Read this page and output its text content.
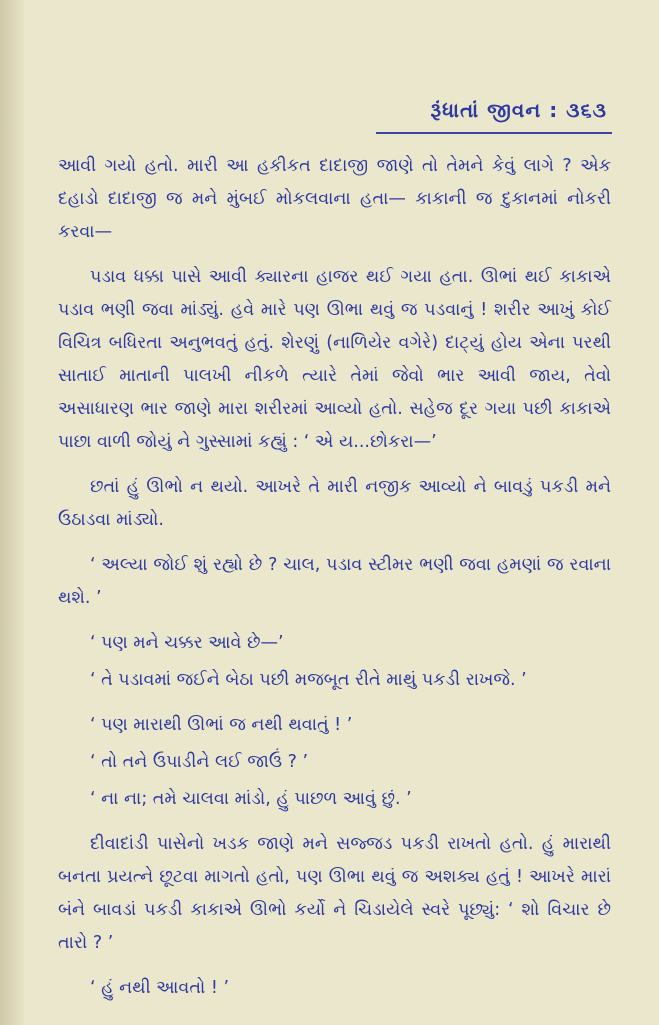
રૂંધાતાં જીવન : ૩૬૩

આવી ગયો હતો. મારી આ હકીકત દાદાજી જાણે તો તેમને કેવું લાગે ? એક દહાડો દાદાજી જ મને મુંબઈ મોકલવાના હતા— કાકાની જ દુકાનમાં નોકરી કરવા—

પડાવ ધક્કા પાસે આવી ક્યારના હાજર થઈ ગયા હતા. ઊભાં થઈ કાકાએ પડાવ ભણી જવા માંડ્યું. હવે મારે પણ ઊભા થવું જ પડવાનું ! શરીર આખું કોઈ વિચિત્ર બધિરતા અનુભવતું હતું. શેરણું (નાળિયેર વગેરે) દાટ્યું હોય એના પરથી સાતાઈ માતાની પાલખી નીકળે ત્યારે તેમાં જેવો ભાર આવી જાય, તેવો અસાધારણ ભાર જાણે મારા શરીરમાં આવ્યો હતો. સહેજ દૂર ગયા પછી કાકાએ પાછા વાળી જોયું ને ગુસ્સામાં કહ્યું : ‘ એ ય...છોકરા—’

છતાં હું ઊભો ન થયો. આખરે તે મારી નજીક આવ્યો ને બાવડું પકડી મને ઉઠાડવા માંડ્યો.

‘ અલ્યા જોઈ શું રહ્યો છે ? ચાલ, પડાવ સ્ટીમર ભણી જવા હમણાં જ રવાના થશે. ’

‘ પણ મને ચક્કર આવે છે—’

‘ તે પડાવમાં જઈને બેઠા પછી મજબૂત રીતે માથું પકડી રાખજે. ’

‘ પણ મારાથી ઊભાં જ નથી થવાતું ! ’

‘ તો તને ઉપાડીને લઈ જાઉં ? ’

‘ ના ના; તમે ચાલવા માંડો, હું પાછળ આવું છું. ’

દીવાદાંડી પાસેનો ખડક જાણે મને સજ્જડ પકડી રાખતો હતો. હું મારાથી બનતા પ્રયત્ને છૂટવા માગતો હતો, પણ ઊભા થવું જ અશક્ય હતું ! આખરે મારાં બંને બાવડાં પકડી કાકાએ ઊભો કર્યો ને ચિડાયેલે સ્વરે પૂછ્યું: ‘ શો વિચાર છે તારો ? ’

‘ હું નથી આવતો ! ’
